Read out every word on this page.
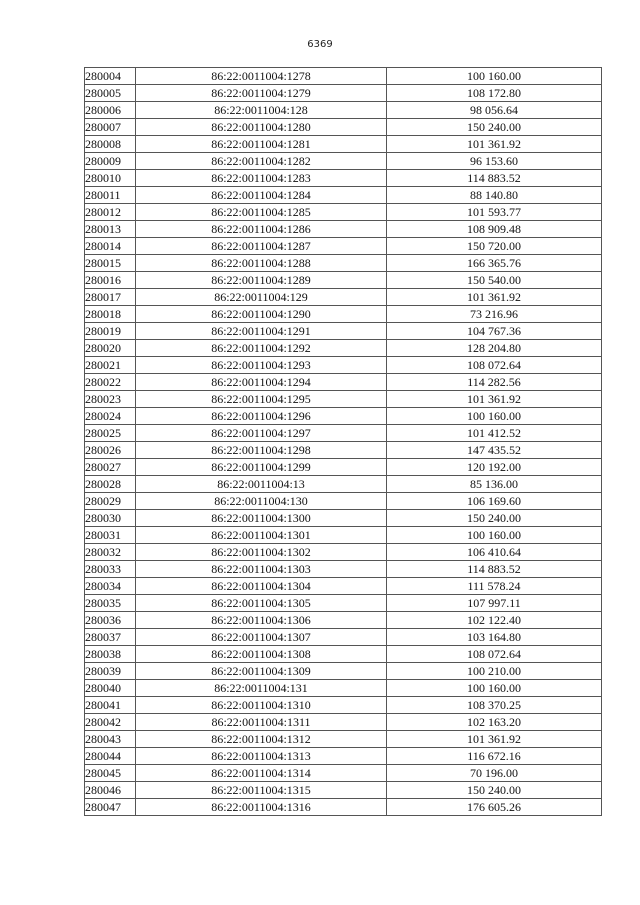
6369
280004	86:22:0011004:1278	100 160.00
280005	86:22:0011004:1279	108 172.80
280006	86:22:0011004:128	98 056.64
280007	86:22:0011004:1280	150 240.00
280008	86:22:0011004:1281	101 361.92
280009	86:22:0011004:1282	96 153.60
280010	86:22:0011004:1283	114 883.52
280011	86:22:0011004:1284	88 140.80
280012	86:22:0011004:1285	101 593.77
280013	86:22:0011004:1286	108 909.48
280014	86:22:0011004:1287	150 720.00
280015	86:22:0011004:1288	166 365.76
280016	86:22:0011004:1289	150 540.00
280017	86:22:0011004:129	101 361.92
280018	86:22:0011004:1290	73 216.96
280019	86:22:0011004:1291	104 767.36
280020	86:22:0011004:1292	128 204.80
280021	86:22:0011004:1293	108 072.64
280022	86:22:0011004:1294	114 282.56
280023	86:22:0011004:1295	101 361.92
280024	86:22:0011004:1296	100 160.00
280025	86:22:0011004:1297	101 412.52
280026	86:22:0011004:1298	147 435.52
280027	86:22:0011004:1299	120 192.00
280028	86:22:0011004:13	85 136.00
280029	86:22:0011004:130	106 169.60
280030	86:22:0011004:1300	150 240.00
280031	86:22:0011004:1301	100 160.00
280032	86:22:0011004:1302	106 410.64
280033	86:22:0011004:1303	114 883.52
280034	86:22:0011004:1304	111 578.24
280035	86:22:0011004:1305	107 997.11
280036	86:22:0011004:1306	102 122.40
280037	86:22:0011004:1307	103 164.80
280038	86:22:0011004:1308	108 072.64
280039	86:22:0011004:1309	100 210.00
280040	86:22:0011004:131	100 160.00
280041	86:22:0011004:1310	108 370.25
280042	86:22:0011004:1311	102 163.20
280043	86:22:0011004:1312	101 361.92
280044	86:22:0011004:1313	116 672.16
280045	86:22:0011004:1314	70 196.00
280046	86:22:0011004:1315	150 240.00
280047	86:22:0011004:1316	176 605.26
